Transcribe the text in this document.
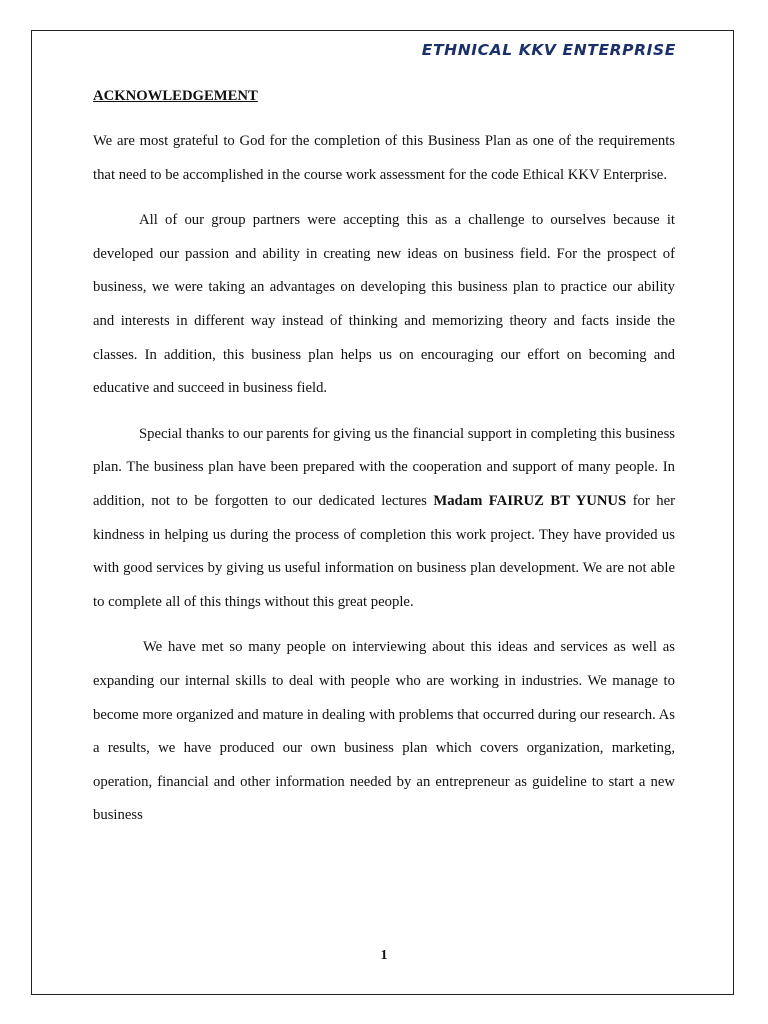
ETHNICAL KKV ENTERPRISE
ACKNOWLEDGEMENT

We are most grateful to God for the completion of this Business Plan as one of the requirements that need to be accomplished in the course work assessment for the code Ethical KKV Enterprise.

All of our group partners were accepting this as a challenge to ourselves because it developed our passion and ability in creating new ideas on business field. For the prospect of business, we were taking an advantages on developing this business plan to practice our ability and interests in different way instead of thinking and memorizing theory and facts inside the classes. In addition, this business plan helps us on encouraging our effort on becoming and educative and succeed in business field.

Special thanks to our parents for giving us the financial support in completing this business plan. The business plan have been prepared with the cooperation and support of many people. In addition, not to be forgotten to our dedicated lectures Madam FAIRUZ BT YUNUS for her kindness in helping us during the process of completion this work project. They have provided us with good services by giving us useful information on business plan development. We are not able to complete all of this things without this great people.

We have met so many people on interviewing about this ideas and services as well as expanding our internal skills to deal with people who are working in industries. We manage to become more organized and mature in dealing with problems that occurred during our research. As a results, we have produced our own business plan which covers organization, marketing, operation, financial and other information needed by an entrepreneur as guideline to start a new business

1
